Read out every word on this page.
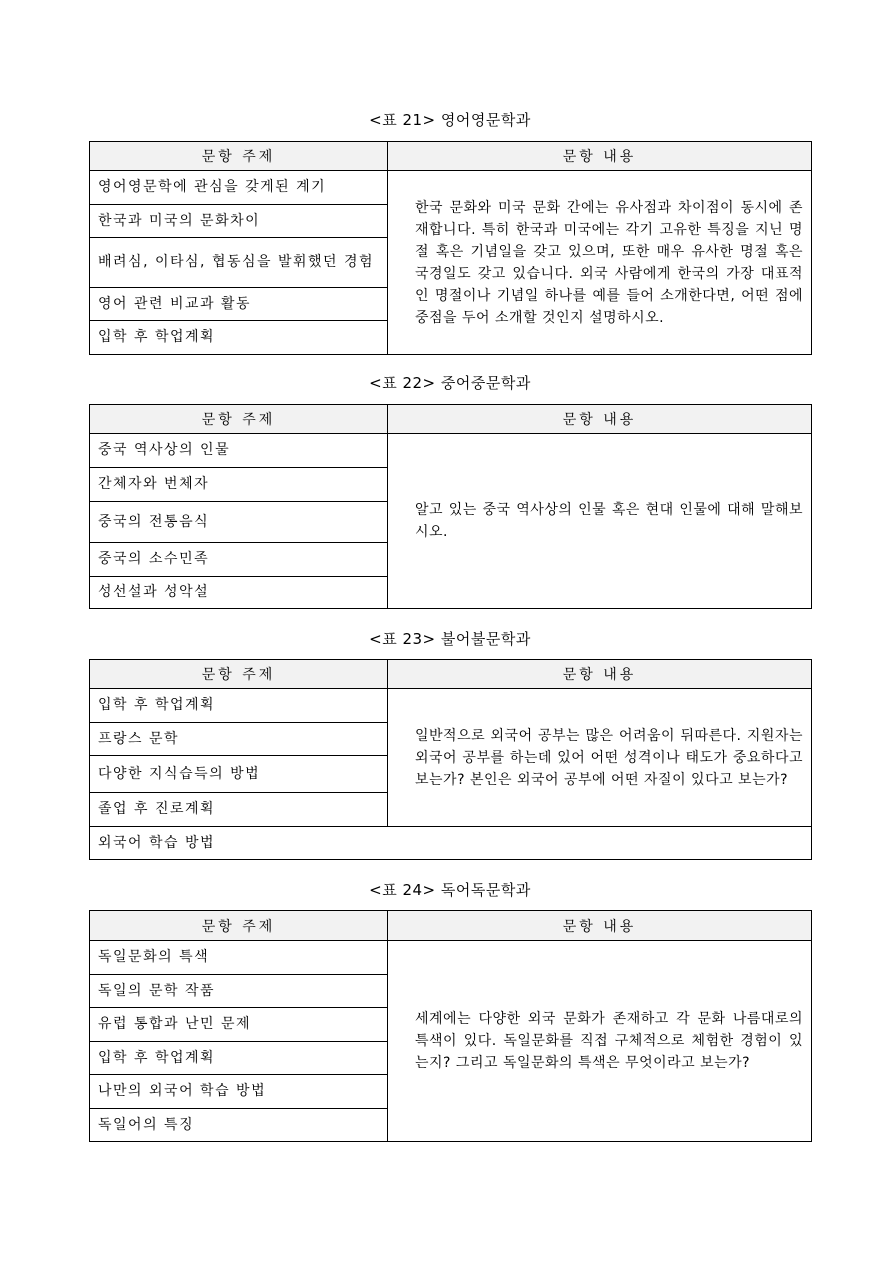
<표 21> 영어영문학과
문항 주제	문항 내용
영어영문학에 관심을 갖게된 계기	한국 문화와 미국 문화 간에는 유사점과 차이점이 동시에 존재합니다. 특히 한국과 미국에는 각기 고유한 특징을 지닌 명절 혹은 기념일을 갖고 있으며, 또한 매우 유사한 명절 혹은 국경일도 갖고 있습니다. 외국 사람에게 한국의 가장 대표적인 명절이나 기념일 하나를 예를 들어 소개한다면, 어떤 점에 중점을 두어 소개할 것인지 설명하시오.
한국과 미국의 문화차이	
배려심, 이타심, 협동심을 발휘했던 경험	
영어 관련 비교과 활동	
입학 후 학업계획	
<표 22> 중어중문학과
문항 주제	문항 내용
중국 역사상의 인물	알고 있는 중국 역사상의 인물 혹은 현대 인물에 대해 말해보시오.
간체자와 번체자	
중국의 전통음식	
중국의 소수민족	
성선설과 성악설	
<표 23> 불어불문학과
문항 주제	문항 내용
입학 후 학업계획	일반적으로 외국어 공부는 많은 어려움이 뒤따른다. 지원자는 외국어 공부를 하는데 있어 어떤 성격이나 태도가 중요하다고 보는가? 본인은 외국어 공부에 어떤 자질이 있다고 보는가?
프랑스 문학	
다양한 지식습득의 방법	
졸업 후 진로계획	
외국어 학습 방법	
<표 24> 독어독문학과
문항 주제	문항 내용
독일문화의 특색	세계에는 다양한 외국 문화가 존재하고 각 문화 나름대로의 특색이 있다. 독일문화를 직접 구체적으로 체험한 경험이 있는지? 그리고 독일문화의 특색은 무엇이라고 보는가?
독일의 문학 작품	
유럽 통합과 난민 문제	
입학 후 학업계획	
나만의 외국어 학습 방법	
독일어의 특징	
